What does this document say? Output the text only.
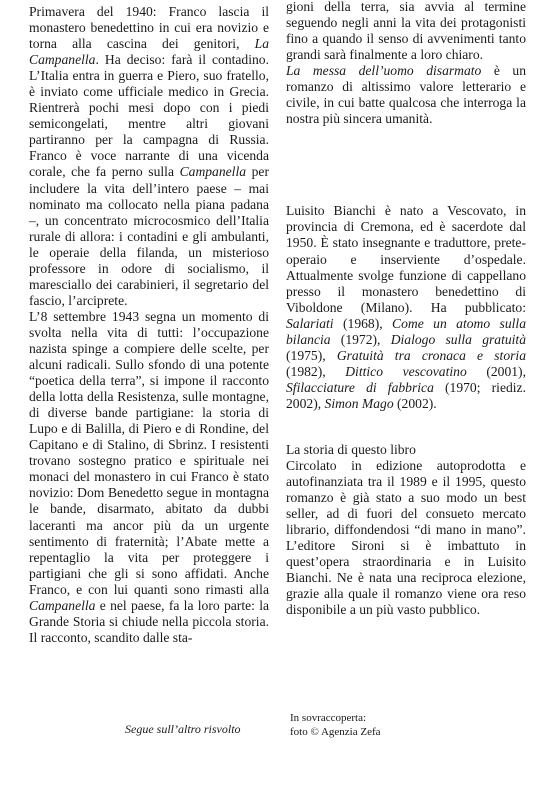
Primavera del 1940: Franco lascia il monastero benedettino in cui era novizio e torna alla cascina dei genitori, La Campanella. Ha deciso: farà il contadino. L’Italia entra in guerra e Piero, suo fratello, è inviato come ufficiale medico in Grecia. Rientrerà pochi mesi dopo con i piedi semicongelati, mentre altri giovani partiranno per la campagna di Russia. Franco è voce narrante di una vicenda corale, che fa perno sulla Campanella per includere la vita dell’intero paese – mai nominato ma collocato nella piana padana –, un concentrato microcosmico dell’Italia rurale di allora: i contadini e gli ambulanti, le operaie della filanda, un misterioso professore in odore di socialismo, il maresciallo dei carabinieri, il segretario del fascio, l’arciprete.

L’8 settembre 1943 segna un momento di svolta nella vita di tutti: l’occupazione nazista spinge a compiere delle scelte, per alcuni radicali. Sullo sfondo di una potente “poetica della terra”, si impone il racconto della lotta della Resistenza, sulle montagne, di diverse bande partigiane: la storia di Lupo e di Balilla, di Piero e di Rondine, del Capitano e di Stalino, di Sbrinz. I resistenti trovano sostegno pratico e spirituale nei monaci del monastero in cui Franco è stato novizio: Dom Benedetto segue in montagna le bande, disarmato, abitato da dubbi laceranti ma ancor più da un urgente sentimento di fraternità; l’Abate mette a repentaglio la vita per proteggere i partigiani che gli si sono affidati. Anche Franco, e con lui quanti sono rimasti alla Campanella e nel paese, fa la loro parte: la Grande Storia si chiude nella piccola storia. Il racconto, scandito dalle sta-

gioni della terra, sia avvia al termine seguendo negli anni la vita dei protagonisti fino a quando il senso di avvenimenti tanto grandi sarà finalmente a loro chiaro.

La messa dell’uomo disarmato è un romanzo di altissimo valore letterario e civile, in cui batte qualcosa che interroga la nostra più sincera umanità.

Luisito Bianchi è nato a Vescovato, in provincia di Cremona, ed è sacerdote dal 1950. È stato insegnante e traduttore, prete-operaio e inserviente d’ospedale. Attualmente svolge funzione di cappellano presso il monastero benedettino di Viboldone (Milano). Ha pubblicato: Salariati (1968), Come un atomo sulla bilancia (1972), Dialogo sulla gratuità (1975), Gratuità tra cronaca e storia (1982), Dittico vescovatino (2001), Sfilacciature di fabbrica (1970; riediz. 2002), Simon Mago (2002).

La storia di questo libro

Circolato in edizione autoprodotta e autofinanziata tra il 1989 e il 1995, questo romanzo è già stato a suo modo un best seller, ad di fuori del consueto mercato librario, diffondendosi “di mano in mano”. L’editore Sironi si è imbattuto in quest’opera straordinaria e in Luisito Bianchi. Ne è nata una reciproca elezione, grazie alla quale il romanzo viene ora reso disponibile a un più vasto pubblico.

Segue sull’altro risvolto
In sovraccoperta:
foto © Agenzia Zefa
